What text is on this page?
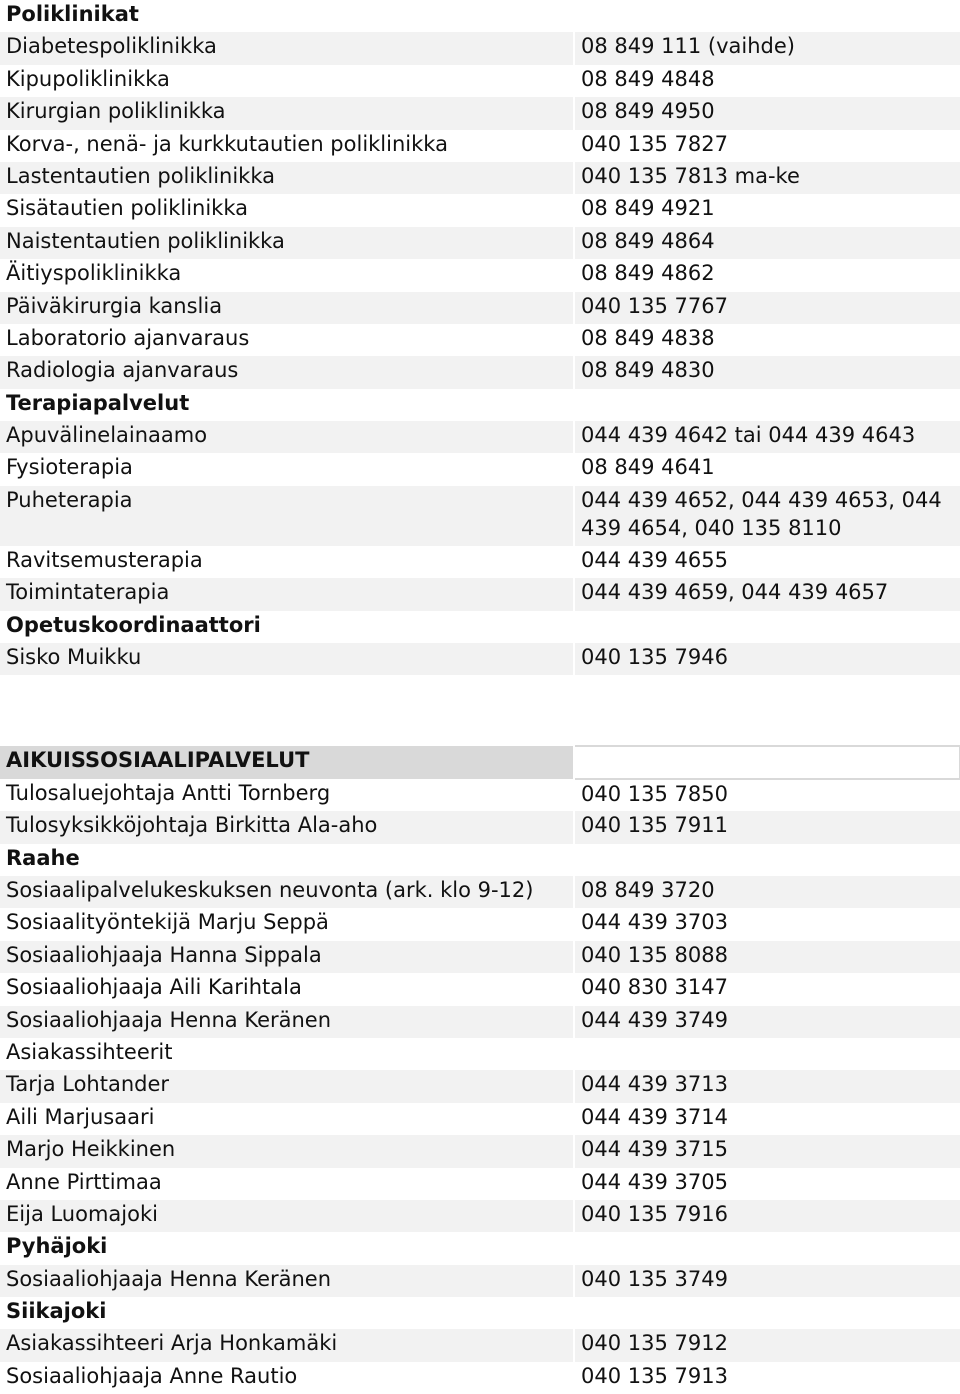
Poliklinikat	
Diabetespoliklinikka	08 849 111 (vaihde)
Kipupoliklinikka	08 849 4848
Kirurgian poliklinikka	08 849 4950
Korva-, nenä- ja kurkkutautien poliklinikka	040 135 7827
Lastentautien poliklinikka	040 135 7813 ma-ke
Sisätautien poliklinikka	08 849 4921
Naistentautien poliklinikka	08 849 4864
Äitiyspoliklinikka	08 849 4862
Päiväkirurgia kanslia	040 135 7767
Laboratorio ajanvaraus	08 849 4838
Radiologia ajanvaraus	08 849 4830
Terapiapalvelut	
Apuvälinelainaamo	044 439 4642 tai 044 439 4643
Fysioterapia	08 849 4641
Puheterapia	044 439 4652, 044 439 4653, 044 439 4654, 040 135 8110
Ravitsemusterapia	044 439 4655
Toimintaterapia	044 439 4659, 044 439 4657
Opetuskoordinaattori	
Sisko Muikku	040 135 7946
AIKUISSOSIAALIPALVELUT	
Tulosaluejohtaja Antti Tornberg	040 135 7850
Tulosyksikköjohtaja Birkitta Ala-aho	040 135 7911
Raahe	
Sosiaalipalvelukeskuksen neuvonta (ark. klo 9-12)	08 849 3720
Sosiaalityöntekijä Marju Seppä	044 439 3703
Sosiaaliohjaaja Hanna Sippala	040 135 8088
Sosiaaliohjaaja Aili Karihtala	040 830 3147
Sosiaaliohjaaja Henna Keränen	044 439 3749
Asiakassihteerit	
Tarja Lohtander	044 439 3713
Aili Marjusaari	044 439 3714
Marjo Heikkinen	044 439 3715
Anne Pirttimaa	044 439 3705
Eija Luomajoki	040 135 7916
Pyhäjoki	
Sosiaaliohjaaja Henna Keränen	040 135 3749
Siikajoki	
Asiakassihteeri Arja Honkamäki	040 135 7912
Sosiaaliohjaaja Anne Rautio	040 135 7913
